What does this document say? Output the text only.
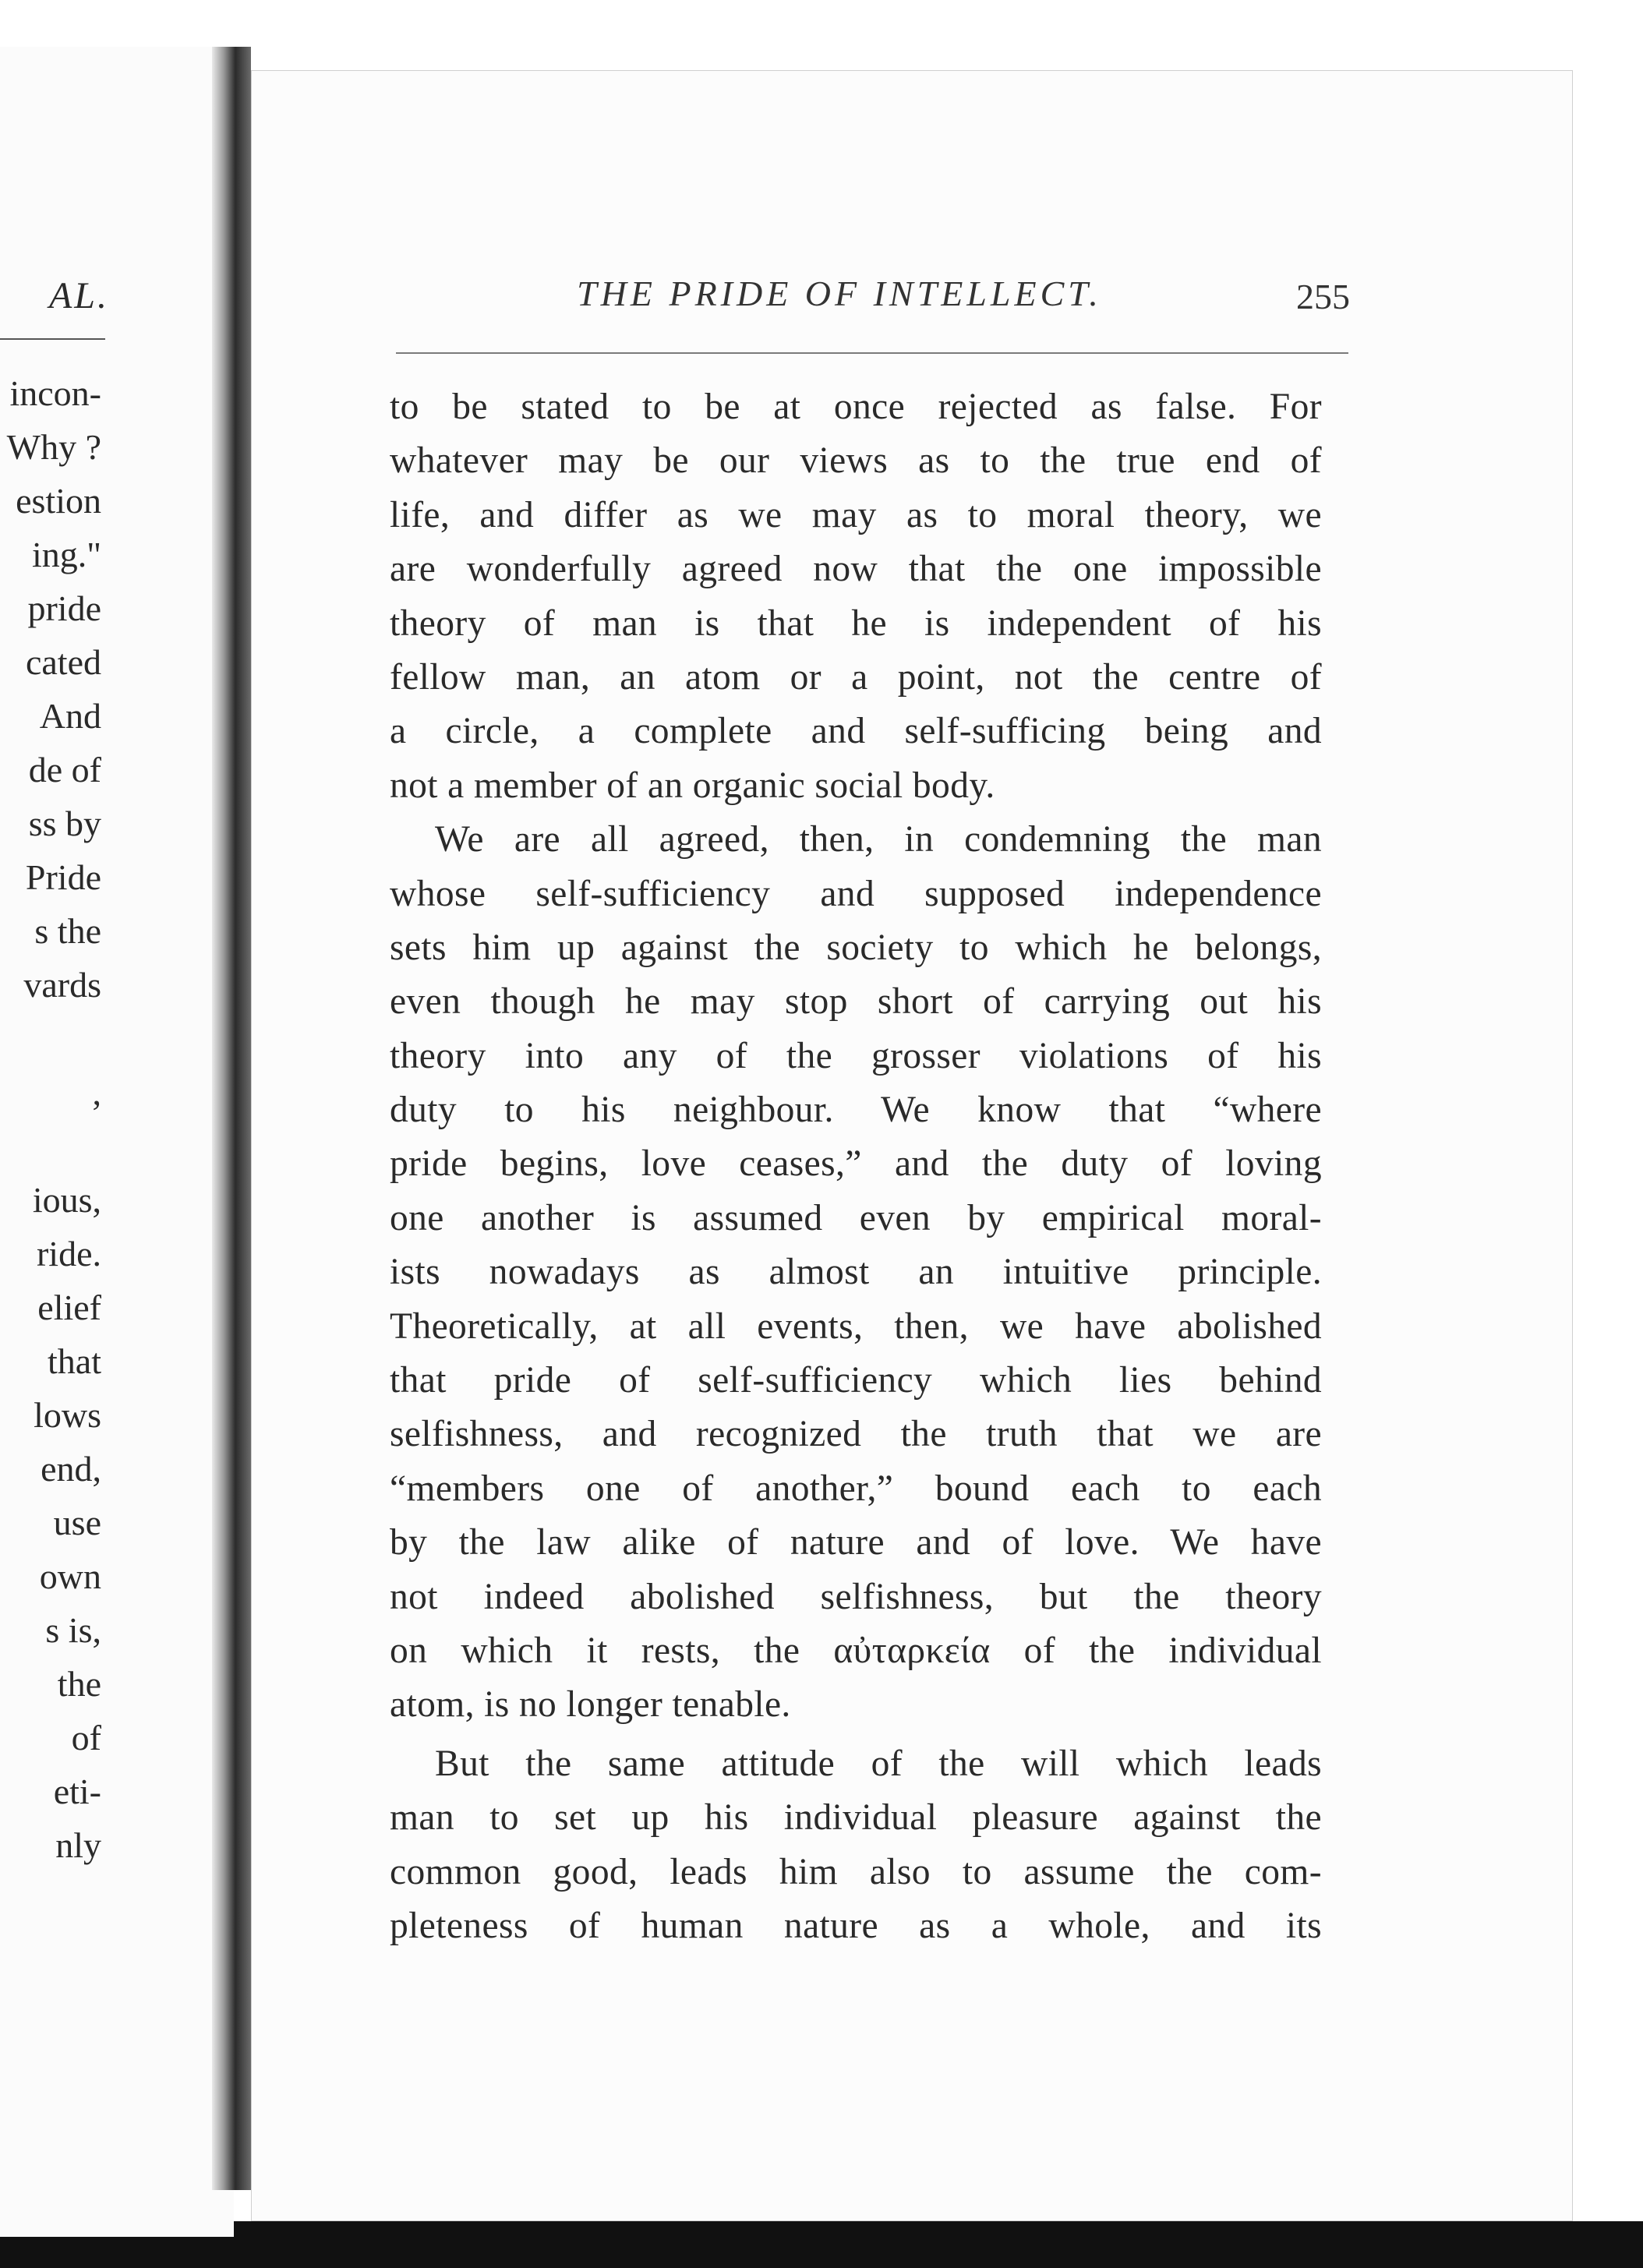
AL.
incon-
Why ?
estion
ing."
pride
cated
And
de of
ss by
Pride
s the
vards
,
ious,
ride.
elief
that
lows
end,
use
own
s is,
the
of
eti-
nly
THE PRIDE OF INTELLECT.	255
to be stated to be at once rejected as false. For
whatever may be our views as to the true end of
life, and differ as we may as to moral theory, we
are wonderfully agreed now that the one impossible
theory of man is that he is independent of his
fellow man, an atom or a point, not the centre of
a circle, a complete and self-sufficing being and
not a member of an organic social body.
We are all agreed, then, in condemning the man
whose self-sufficiency and supposed independence
sets him up against the society to which he belongs,
even though he may stop short of carrying out his
theory into any of the grosser violations of his
duty to his neighbour. We know that “where
pride begins, love ceases,” and the duty of loving
one another is assumed even by empirical moral-
ists nowadays as almost an intuitive principle.
Theoretically, at all events, then, we have abolished
that pride of self-sufficiency which lies behind
selfishness, and recognized the truth that we are
“members one of another,” bound each to each
by the law alike of nature and of love. We have
not indeed abolished selfishness, but the theory
on which it rests, the αὐταρκεία of the individual
atom, is no longer tenable.
But the same attitude of the will which leads
man to set up his individual pleasure against the
common good, leads him also to assume the com-
pleteness of human nature as a whole, and its
